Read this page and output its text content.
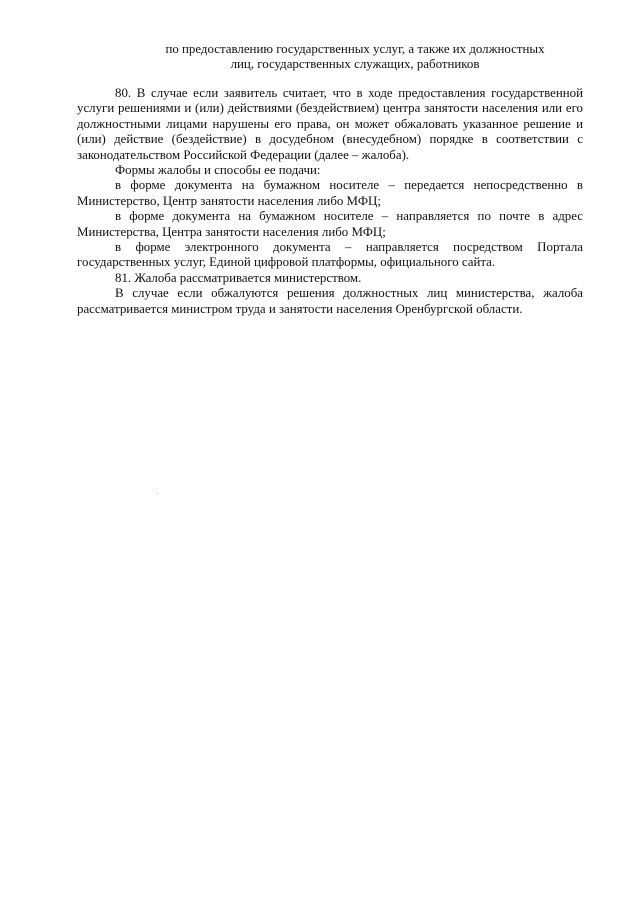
по предоставлению государственных услуг, а также их должностных
лиц, государственных служащих, работников

80. В случае если заявитель считает, что в ходе предоставления государственной услуги решениями и (или) действиями (бездействием) центра занятости населения или его должностными лицами нарушены его права, он может обжаловать указанное решение и (или) действие (бездействие) в досудебном (внесудебном) порядке в соответствии с законодательством Российской Федерации (далее – жалоба).

Формы жалобы и способы ее подачи:

в форме документа на бумажном носителе – передается непосредственно в Министерство, Центр занятости населения либо МФЦ;

в форме документа на бумажном носителе – направляется по почте в адрес Министерства, Центра занятости населения либо МФЦ;

в форме электронного документа – направляется посредством Портала государственных услуг, Единой цифровой платформы, официального сайта.

81. Жалоба рассматривается министерством.

В случае если обжалуются решения должностных лиц министерства, жалоба рассматривается министром труда и занятости населения Оренбургской области.
